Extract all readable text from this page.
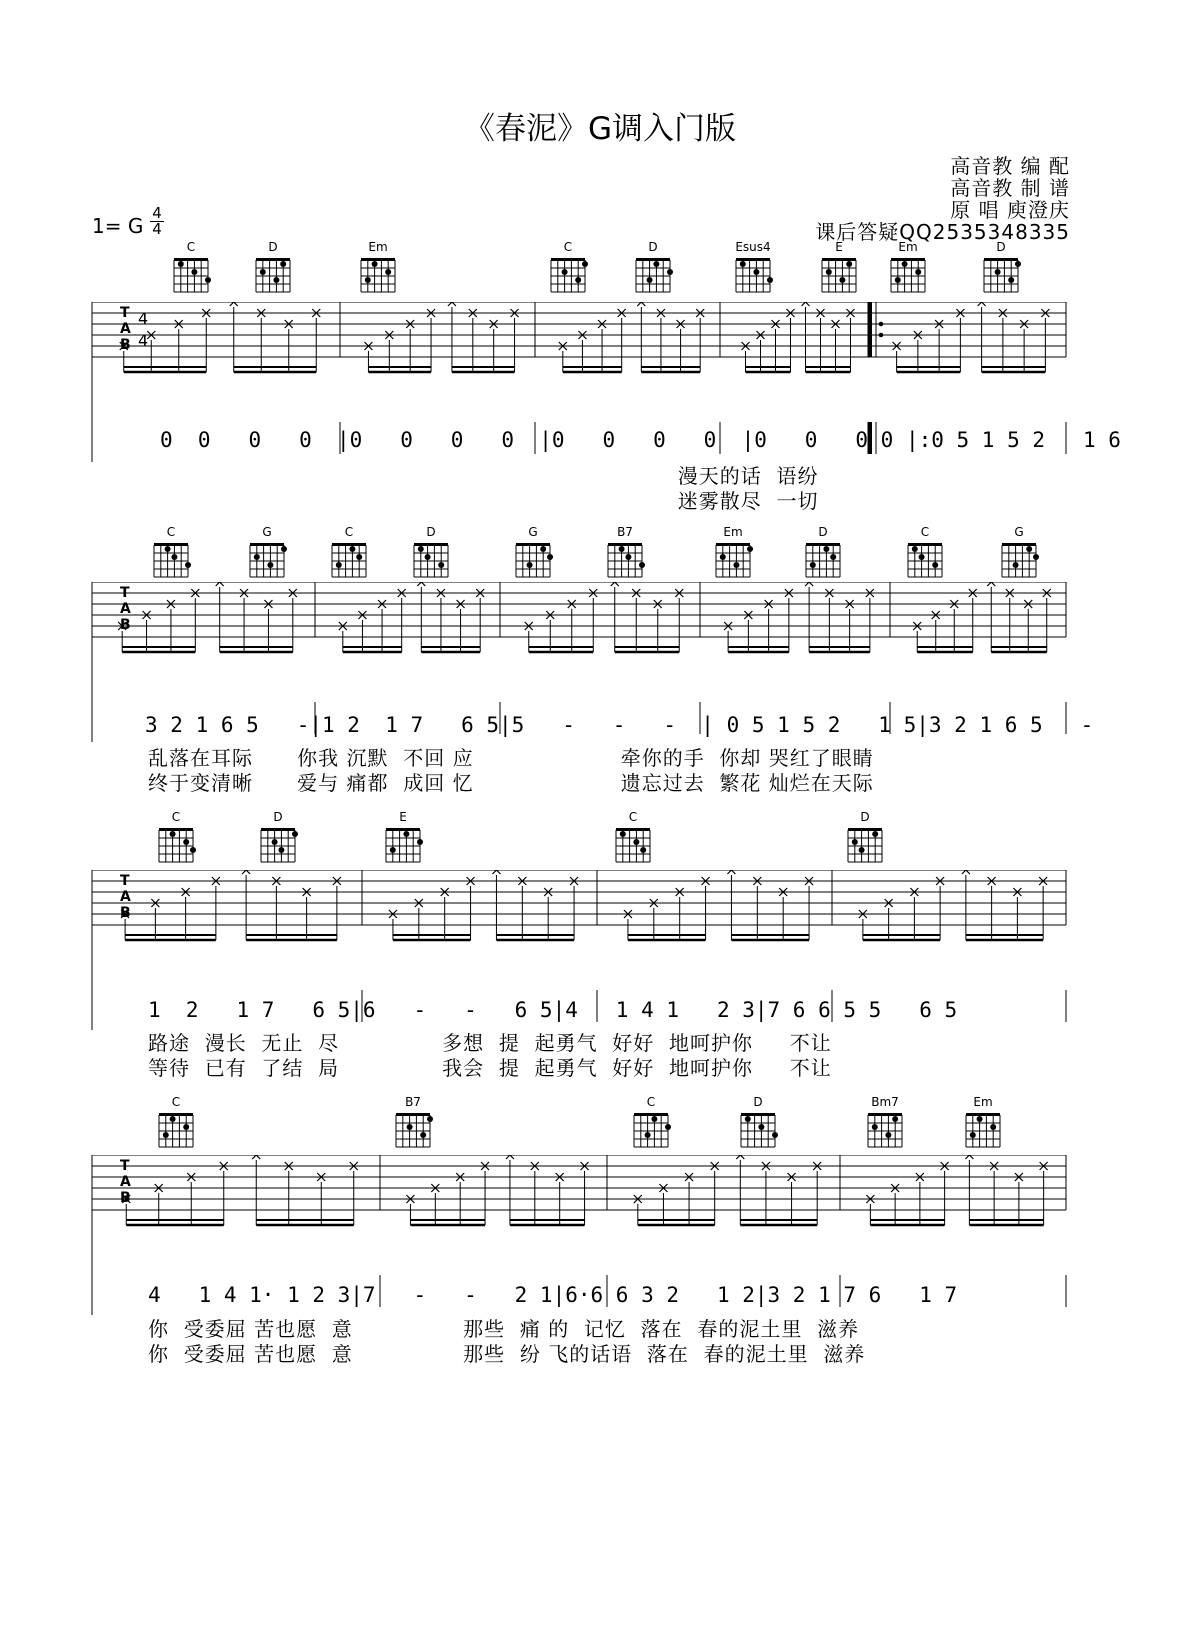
《春泥》G调入门版
高音教 编 配
高音教 制 谱
原 唱 庾澄庆
课后答疑QQ2535348335
1= G
4
4
C	D	Em	C	D	Esus4	E	Em	D
T
A
B
4
4
0  0   0   0  |0   0   0   0  |0   0   0   0  |0   0   0 0 |:0 5 1 5 2   1 6
漫天的话  语纷
迷雾散尽  一切
C	G	C	D	G	B7	Em	D	C	G
T
A
B
3 2 1 6 5   -|1 2  1 7   6 5|5   -   -   -  | 0 5 1 5 2   1 5|3 2 1 6 5   -
乱落在耳际      你我 沉默  不回 应                    牵你的手  你却 哭红了眼睛
终于变清晰      爱与 痛都  成回 忆                    遗忘过去  繁花 灿烂在天际
C	D	E	C	D
T
A
B
1  2   1 7   6 5|6   -   -   6 5|4   1 4 1   2 3|7 6 6 5 5   6 5
路途  漫长  无止  尽              多想  提  起勇气  好好  地呵护你     不让
等待  已有  了结  局              我会  提  起勇气  好好  地呵护你     不让
C	B7	C	D	Bm7	Em
T
A
B
4   1 4 1· 1 2 3|7   -   -   2 1|6·6 6 3 2   1 2|3 2 1 7 6   1 7
你  受委屈 苦也愿  意               那些  痛 的  记忆  落在  春的泥土里  滋养
你  受委屈 苦也愿  意               那些  纷 飞的话语  落在  春的泥土里  滋养
